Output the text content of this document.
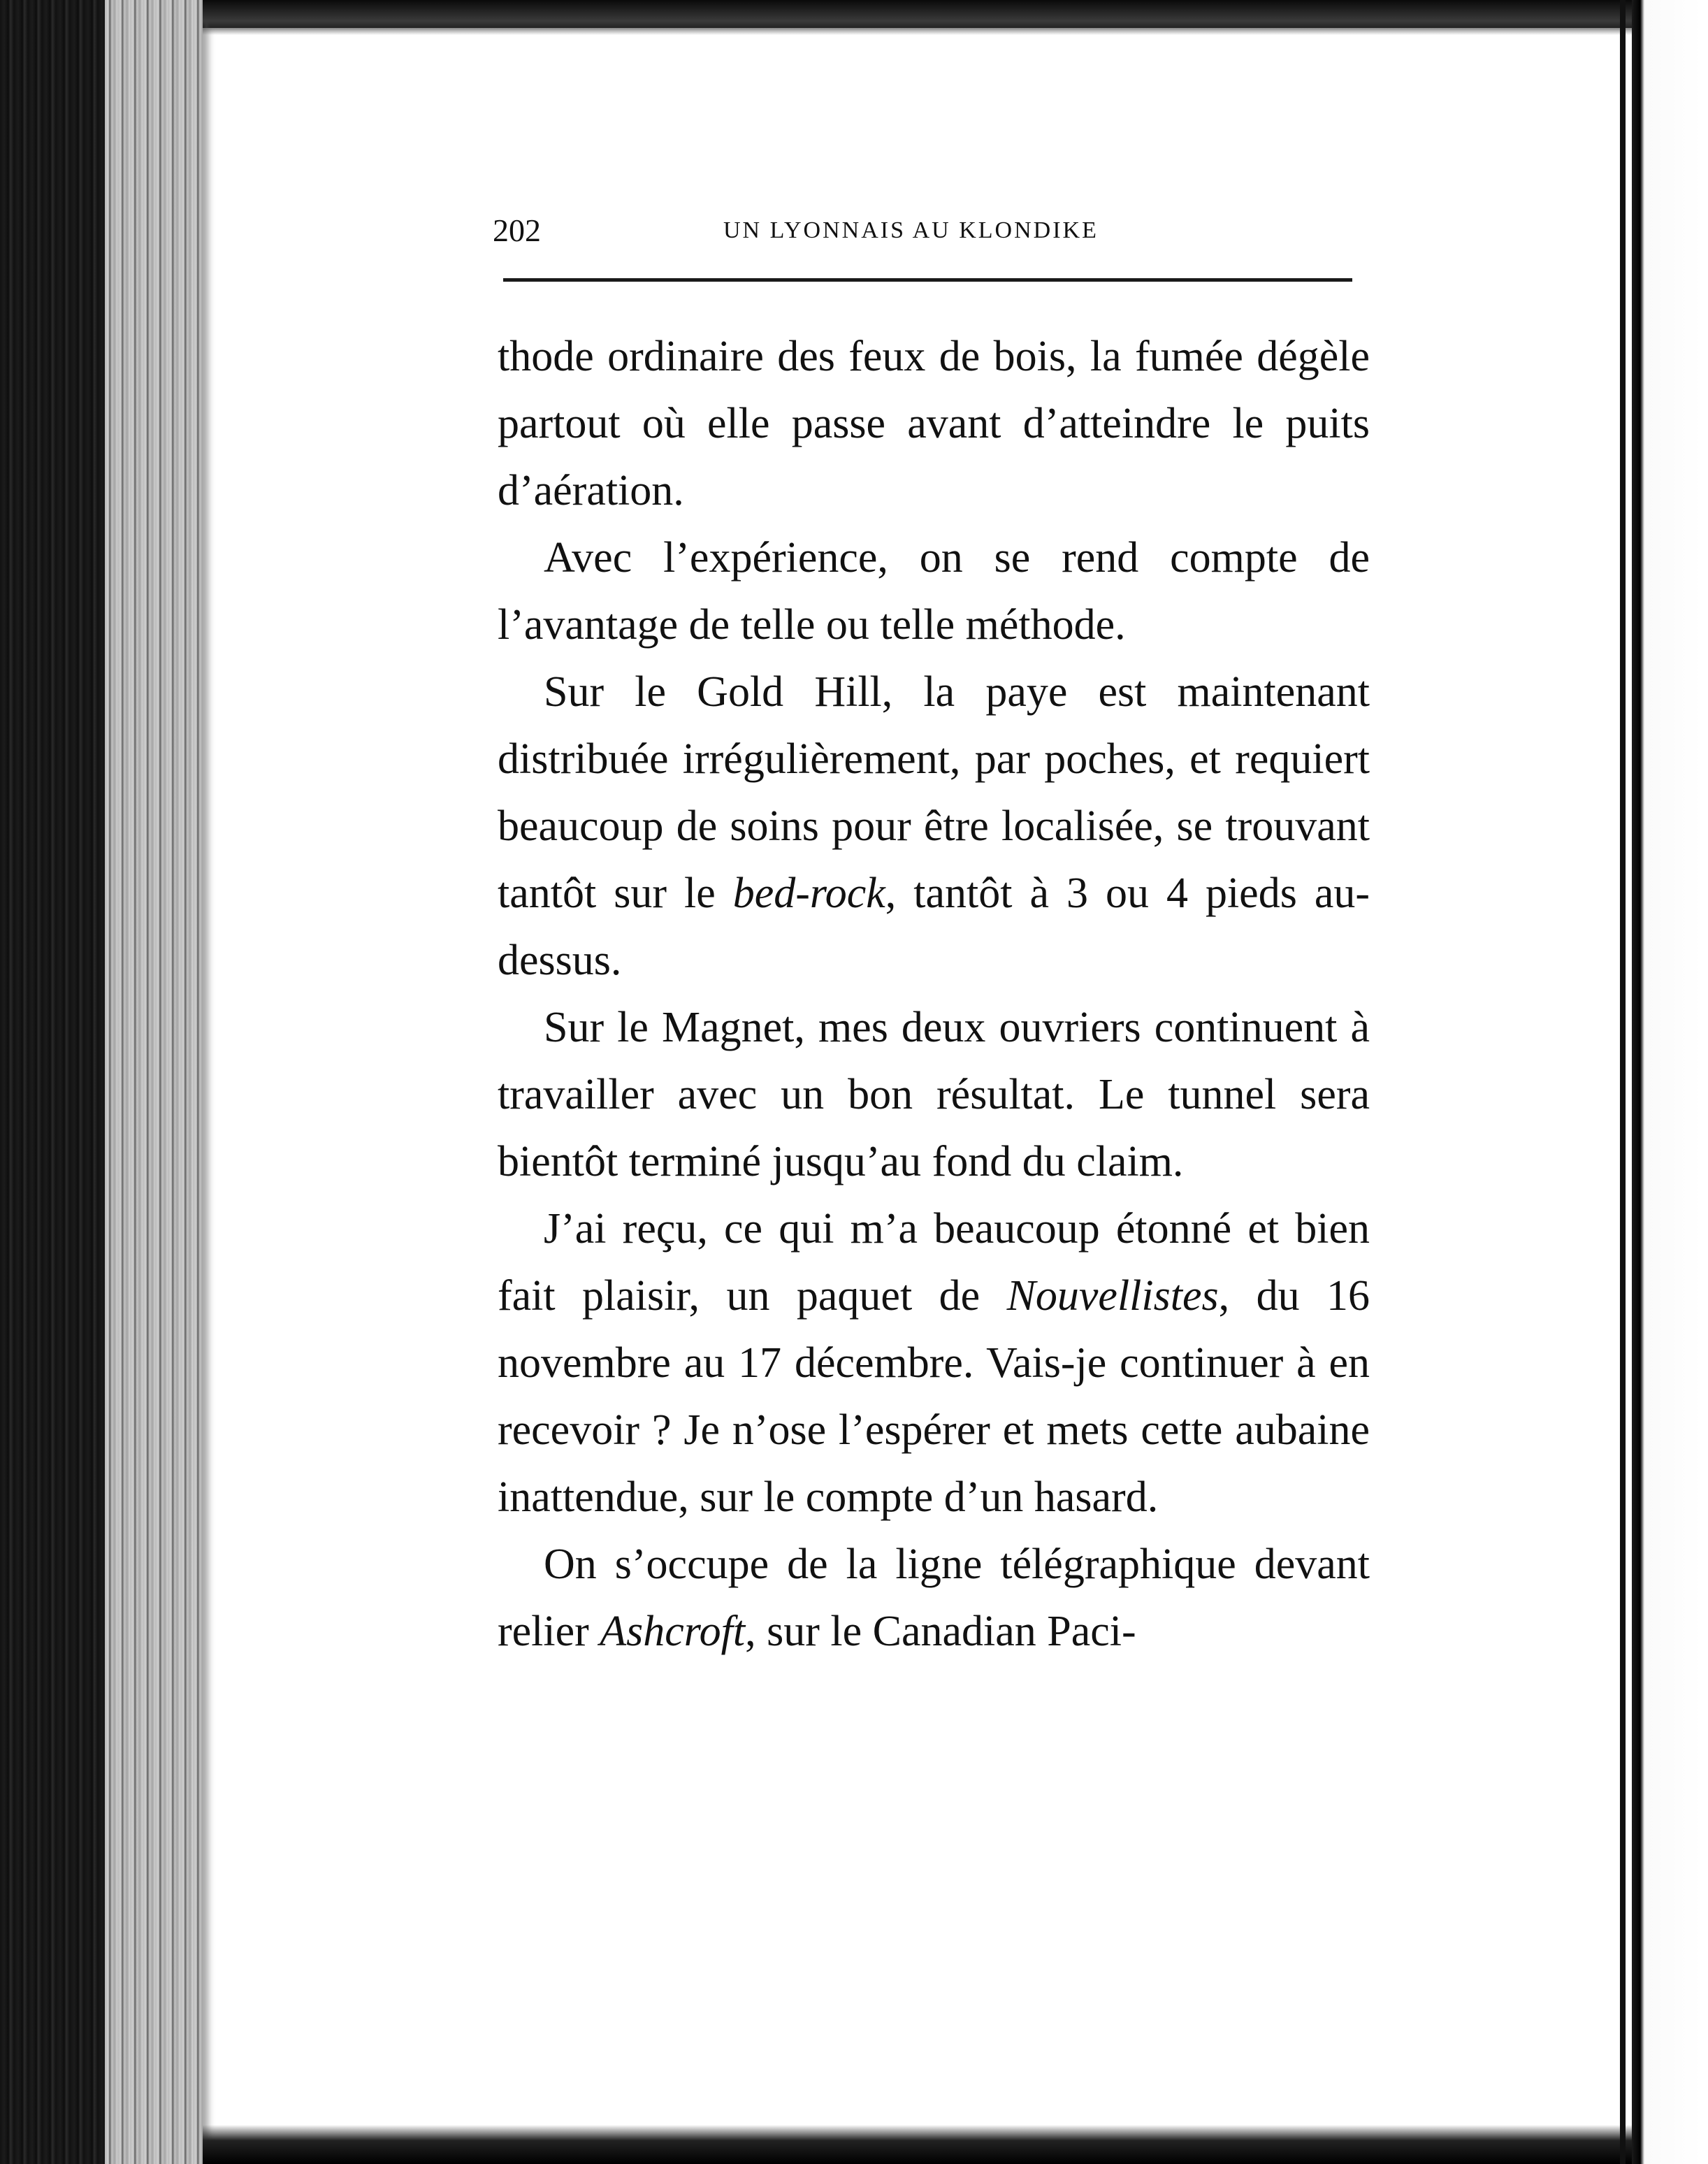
202	UN LYONNAIS AU KLONDIKE

thode ordinaire des feux de bois, la fumée dégèle partout où elle passe avant d’atteindre le puits d’aération.

Avec l’expérience, on se rend compte de l’avantage de telle ou telle méthode.

Sur le Gold Hill, la paye est maintenant distribuée irrégulièrement, par poches, et requiert beaucoup de soins pour être localisée, se trouvant tantôt sur le bed-rock, tantôt à 3 ou 4 pieds au-dessus.

Sur le Magnet, mes deux ouvriers continuent à travailler avec un bon résultat. Le tunnel sera bientôt terminé jusqu’au fond du claim.

J’ai reçu, ce qui m’a beaucoup étonné et bien fait plaisir, un paquet de Nouvellistes, du 16 novembre au 17 décembre. Vais-je continuer à en recevoir ? Je n’ose l’espérer et mets cette aubaine inattendue, sur le compte d’un hasard.

On s’occupe de la ligne télégraphique devant relier Ashcroft, sur le Canadian Paci-
